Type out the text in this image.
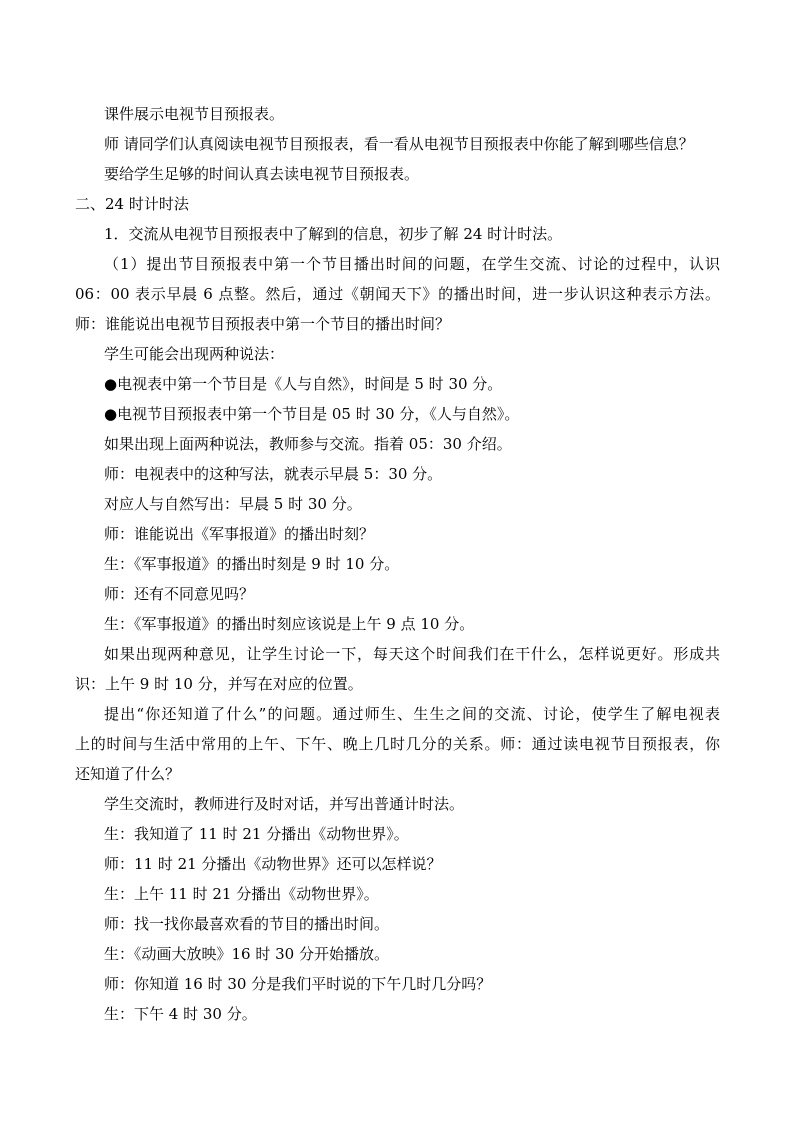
课件展示电视节目预报表。
师 请同学们认真阅读电视节目预报表，看一看从电视节目预报表中你能了解到哪些信息？
要给学生足够的时间认真去读电视节目预报表。
二、24 时计时法
1．交流从电视节目预报表中了解到的信息，初步了解 24 时计时法。
（1）提出节目预报表中第一个节目播出时间的问题，在学生交流、讨论的过程中，认识
06：00 表示早晨 6 点整。然后，通过《朝闻天下》的播出时间，进一步认识这种表示方法。
师：谁能说出电视节目预报表中第一个节目的播出时间？
学生可能会出现两种说法：
●电视表中第一个节目是《人与自然》，时间是 5 时 30 分。
●电视节目预报表中第一个节目是 05 时 30 分，《人与自然》。
如果出现上面两种说法，教师参与交流。指着 05：30 介绍。
师：电视表中的这种写法，就表示早晨 5：30 分。
对应人与自然写出：早晨 5 时 30 分。
师：谁能说出《军事报道》的播出时刻？
生：《军事报道》的播出时刻是 9 时 10 分。
师：还有不同意见吗？
生：《军事报道》的播出时刻应该说是上午 9 点 10 分。
如果出现两种意见，让学生讨论一下，每天这个时间我们在干什么，怎样说更好。形成共
识：上午 9 时 10 分，并写在对应的位置。
提出“你还知道了什么”的问题。通过师生、生生之间的交流、讨论，使学生了解电视表
上的时间与生活中常用的上午、下午、晚上几时几分的关系。师：通过读电视节目预报表，你
还知道了什么？
学生交流时，教师进行及时对话，并写出普通计时法。
生：我知道了 11 时 21 分播出《动物世界》。
师：11 时 21 分播出《动物世界》还可以怎样说？
生：上午 11 时 21 分播出《动物世界》。
师：找一找你最喜欢看的节目的播出时间。
生：《动画大放映》16 时 30 分开始播放。
师：你知道 16 时 30 分是我们平时说的下午几时几分吗？
生：下午 4 时 30 分。
